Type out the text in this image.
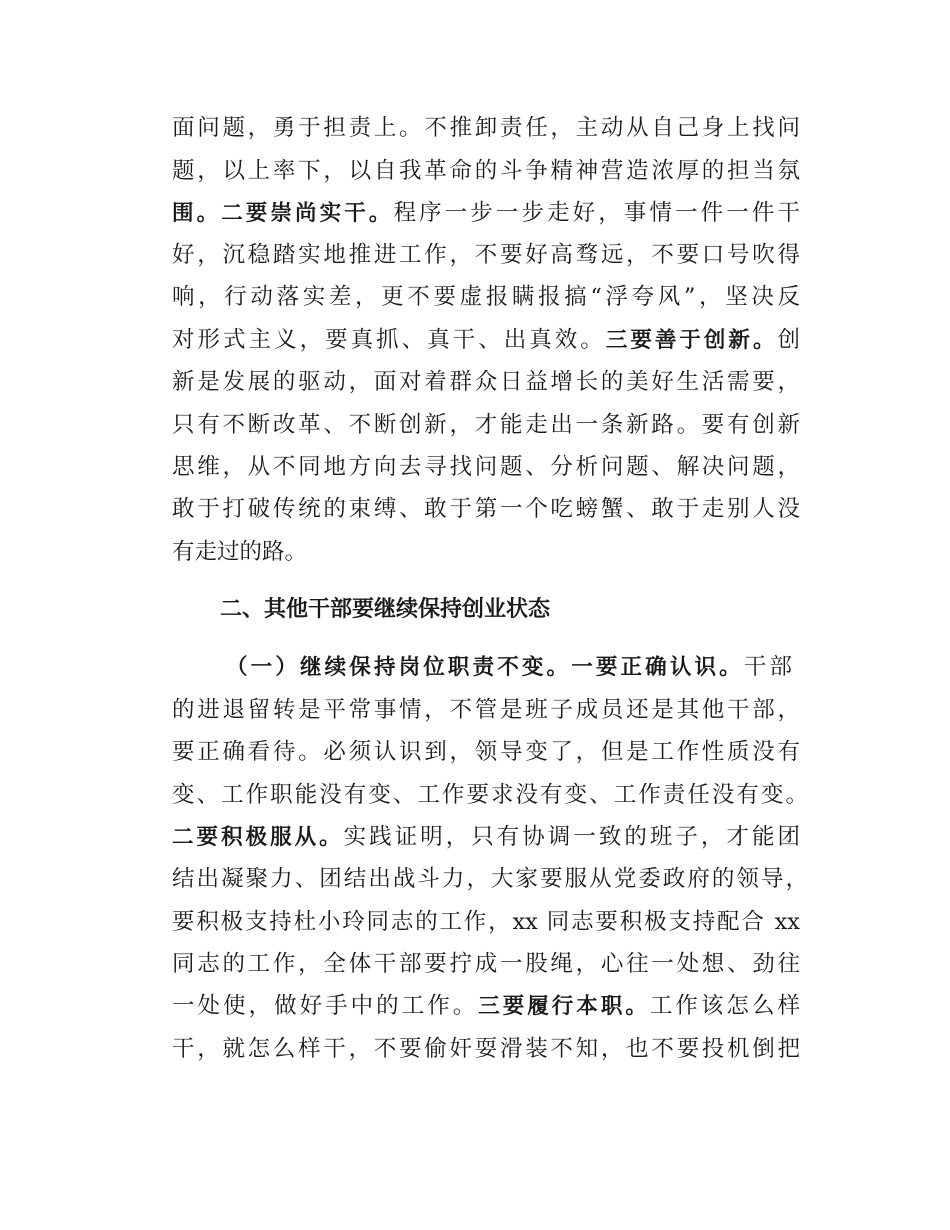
面问题，勇于担责上。不推卸责任，主动从自己身上找问
题，以上率下，以自我革命的斗争精神营造浓厚的担当氛
围。二要崇尚实干。程序一步一步走好，事情一件一件干
好，沉稳踏实地推进工作，不要好高骛远，不要口号吹得
响，行动落实差，更不要虚报瞒报搞“浮夸风”，坚决反
对形式主义，要真抓、真干、出真效。三要善于创新。创
新是发展的驱动，面对着群众日益增长的美好生活需要，
只有不断改革、不断创新，才能走出一条新路。要有创新
思维，从不同地方向去寻找问题、分析问题、解决问题，
敢于打破传统的束缚、敢于第一个吃螃蟹、敢于走别人没
有走过的路。
二、其他干部要继续保持创业状态
（一）继续保持岗位职责不变。一要正确认识。干部
的进退留转是平常事情，不管是班子成员还是其他干部，
要正确看待。必须认识到，领导变了，但是工作性质没有
变、工作职能没有变、工作要求没有变、工作责任没有变。
二要积极服从。实践证明，只有协调一致的班子，才能团
结出凝聚力、团结出战斗力，大家要服从党委政府的领导，
要积极支持杜小玲同志的工作，xx 同志要积极支持配合 xx
同志的工作，全体干部要拧成一股绳，心往一处想、劲往
一处使，做好手中的工作。三要履行本职。工作该怎么样
干，就怎么样干，不要偷奸耍滑装不知，也不要投机倒把
